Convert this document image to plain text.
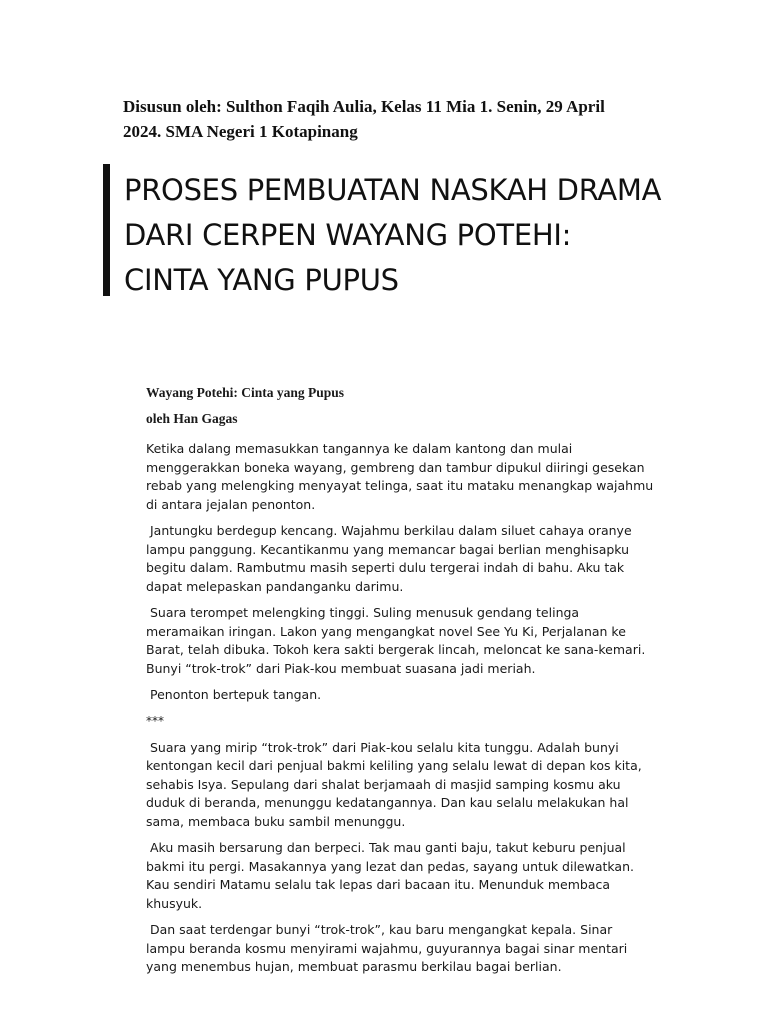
Disusun oleh: Sulthon Faqih Aulia, Kelas 11 Mia 1. Senin, 29 April 2024. SMA Negeri 1 Kotapinang
PROSES PEMBUATAN NASKAH DRAMA DARI CERPEN WAYANG POTEHI: CINTA YANG PUPUS
Wayang Potehi: Cinta yang Pupus
oleh Han Gagas

Ketika dalang memasukkan tangannya ke dalam kantong dan mulai menggerakkan boneka wayang, gembreng dan tambur dipukul diiringi gesekan rebab yang melengking menyayat telinga, saat itu mataku menangkap wajahmu di antara jejalan penonton.

Jantungku berdegup kencang. Wajahmu berkilau dalam siluet cahaya oranye lampu panggung. Kecantikanmu yang memancar bagai berlian menghisapku begitu dalam. Rambutmu masih seperti dulu tergerai indah di bahu. Aku tak dapat melepaskan pandanganku darimu.

Suara terompet melengking tinggi. Suling menusuk gendang telinga meramaikan iringan. Lakon yang mengangkat novel See Yu Ki, Perjalanan ke Barat, telah dibuka. Tokoh kera sakti bergerak lincah, meloncat ke sana-kemari. Bunyi “trok-trok” dari Piak-kou membuat suasana jadi meriah.

Penonton bertepuk tangan.

***

Suara yang mirip “trok-trok” dari Piak-kou selalu kita tunggu. Adalah bunyi kentongan kecil dari penjual bakmi keliling yang selalu lewat di depan kos kita, sehabis Isya. Sepulang dari shalat berjamaah di masjid samping kosmu aku duduk di beranda, menunggu kedatangannya. Dan kau selalu melakukan hal sama, membaca buku sambil menunggu.

Aku masih bersarung dan berpeci. Tak mau ganti baju, takut keburu penjual bakmi itu pergi. Masakannya yang lezat dan pedas, sayang untuk dilewatkan. Kau sendiri Matamu selalu tak lepas dari bacaan itu. Menunduk membaca khusyuk.

Dan saat terdengar bunyi “trok-trok”, kau baru mengangkat kepala. Sinar lampu beranda kosmu menyirami wajahmu, guyurannya bagai sinar mentari yang menembus hujan, membuat parasmu berkilau bagai berlian.
